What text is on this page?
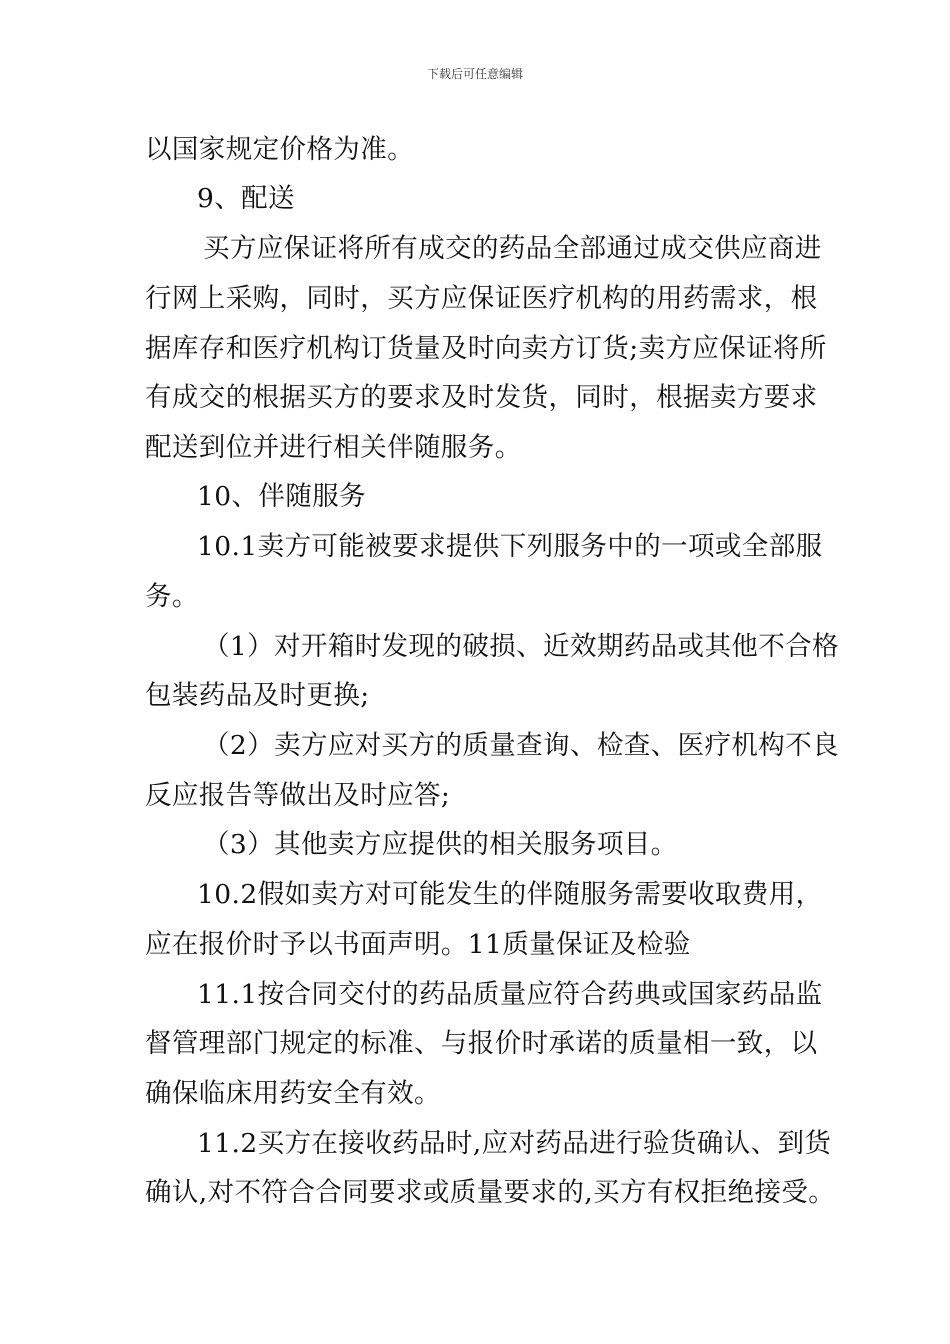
下载后可任意编辑
以国家规定价格为准。
9、配送
买方应保证将所有成交的药品全部通过成交供应商进
行网上采购，同时，买方应保证医疗机构的用药需求，根
据库存和医疗机构订货量及时向卖方订货;卖方应保证将所
有成交的根据买方的要求及时发货，同时，根据卖方要求
配送到位并进行相关伴随服务。
10、伴随服务
10.1卖方可能被要求提供下列服务中的一项或全部服
务。
（1）对开箱时发现的破损、近效期药品或其他不合格
包装药品及时更换;
（2）卖方应对买方的质量查询、检查、医疗机构不良
反应报告等做出及时应答;
（3）其他卖方应提供的相关服务项目。
10.2假如卖方对可能发生的伴随服务需要收取费用，
应在报价时予以书面声明。11质量保证及检验
11.1按合同交付的药品质量应符合药典或国家药品监
督管理部门规定的标准、与报价时承诺的质量相一致，以
确保临床用药安全有效。
11.2买方在接收药品时,应对药品进行验货确认、到货
确认,对不符合合同要求或质量要求的,买方有权拒绝接受。
